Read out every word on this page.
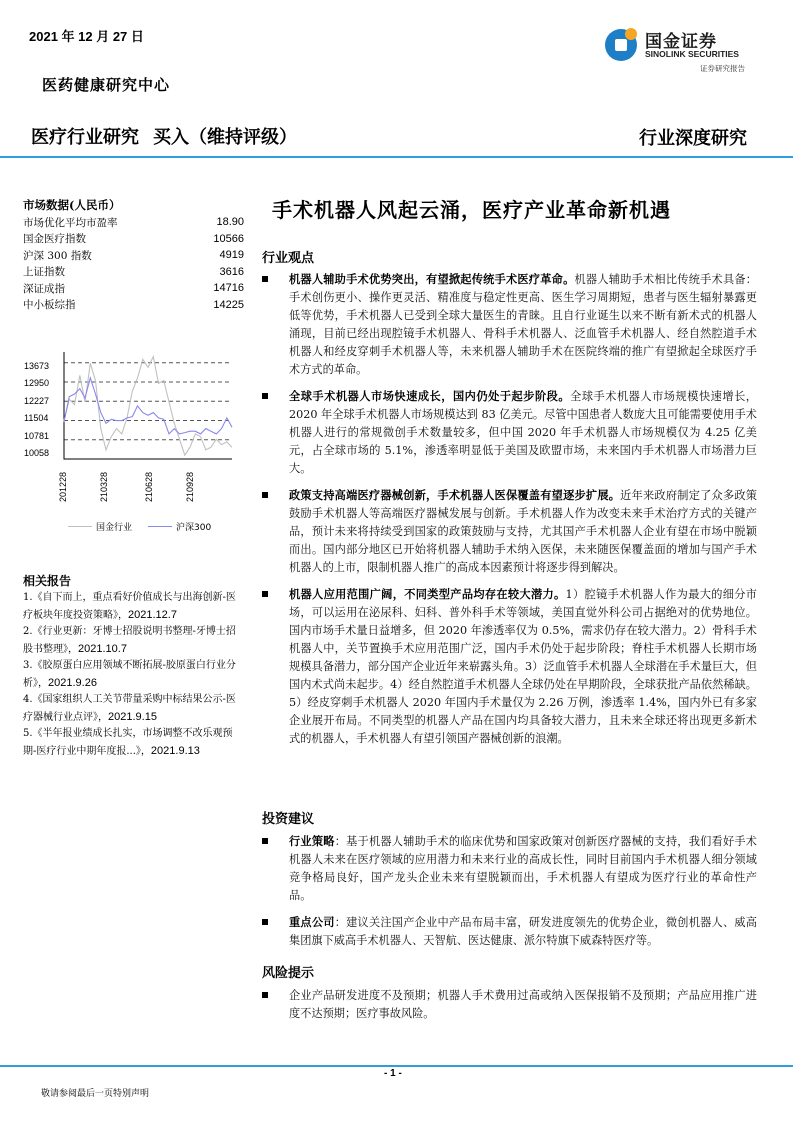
2021 年 12 月 27 日
医药健康研究中心
医疗行业研究 买入（维持评级）	行业深度研究
国金证券
SINOLINK SECURITIES
证券研究报告
市场数据(人民币）
市场优化平均市盈率	18.90
国金医疗指数	10566
沪深 300 指数	4919
上证指数	3616
深证成指	14716
中小板综指	14225
13673
12950
12227
11504
10781
10058
201228	210328	210628	210928
国金行业	沪深300
相关报告
1.《自下而上，重点看好价值成长与出海创新-医疗板块年度投资策略》，2021.12.7
2.《行业更新：牙博士招股说明书整理-牙博士招股书整理》，2021.10.7
3.《胶原蛋白应用领域不断拓展-胶原蛋白行业分析》，2021.9.26
4.《国家组织人工关节带量采购中标结果公示-医疗器械行业点评》，2021.9.15
5.《半年报业绩成长扎实，市场调整不改乐观预期-医疗行业中期年度报...》，2021.9.13
手术机器人风起云涌，医疗产业革命新机遇
行业观点
机器人辅助手术优势突出，有望掀起传统手术医疗革命。机器人辅助手术相比传统手术具备：手术创伤更小、操作更灵活、精准度与稳定性更高、医生学习周期短，患者与医生辐射暴露更低等优势，手术机器人已受到全球大量医生的青睐。且自行业诞生以来不断有新术式的机器人涌现，目前已经出现腔镜手术机器人、骨科手术机器人、泛血管手术机器人、经自然腔道手术机器人和经皮穿刺手术机器人等，未来机器人辅助手术在医院终端的推广有望掀起全球医疗手术方式的革命。
全球手术机器人市场快速成长，国内仍处于起步阶段。全球手术机器人市场规模快速增长，2020 年全球手术机器人市场规模达到 83 亿美元。尽管中国患者人数庞大且可能需要使用手术机器人进行的常规微创手术数量较多，但中国 2020 年手术机器人市场规模仅为 4.25 亿美元，占全球市场的 5.1%，渗透率明显低于美国及欧盟市场，未来国内手术机器人市场潜力巨大。
政策支持高端医疗器械创新，手术机器人医保覆盖有望逐步扩展。近年来政府制定了众多政策鼓励手术机器人等高端医疗器械发展与创新。手术机器人作为改变未来手术治疗方式的关键产品，预计未来将持续受到国家的政策鼓励与支持，尤其国产手术机器人企业有望在市场中脱颖而出。国内部分地区已开始将机器人辅助手术纳入医保，未来随医保覆盖面的增加与国产手术机器人的上市，限制机器人推广的高成本因素预计将逐步得到解决。
机器人应用范围广阔，不同类型产品均存在较大潜力。1）腔镜手术机器人作为最大的细分市场，可以运用在泌尿科、妇科、普外科手术等领域，美国直觉外科公司占据绝对的优势地位。国内市场手术量日益增多，但 2020 年渗透率仅为 0.5%，需求仍存在较大潜力。2）骨科手术机器人中，关节置换手术应用范围广泛，国内手术仍处于起步阶段；脊柱手术机器人长期市场规模具备潜力，部分国产企业近年来崭露头角。3）泛血管手术机器人全球潜在手术量巨大，但国内术式尚未起步。4）经自然腔道手术机器人全球仍处在早期阶段，全球获批产品依然稀缺。5）经皮穿刺手术机器人 2020 年国内手术量仅为 2.26 万例，渗透率 1.4%，国内外已有多家企业展开布局。不同类型的机器人产品在国内均具备较大潜力，且未来全球还将出现更多新术式的机器人，手术机器人有望引领国产器械创新的浪潮。
投资建议
行业策略：基于机器人辅助手术的临床优势和国家政策对创新医疗器械的支持，我们看好手术机器人未来在医疗领域的应用潜力和未来行业的高成长性，同时目前国内手术机器人细分领域竞争格局良好，国产龙头企业未来有望脱颖而出，手术机器人有望成为医疗行业的革命性产品。
重点公司：建议关注国产企业中产品布局丰富，研发进度领先的优势企业，微创机器人、威高集团旗下威高手术机器人、天智航、医达健康、派尔特旗下威森特医疗等。
风险提示
企业产品研发进度不及预期；机器人手术费用过高或纳入医保报销不及预期；产品应用推广进度不达预期；医疗事故风险。
- 1 -
敬请参阅最后一页特别声明
